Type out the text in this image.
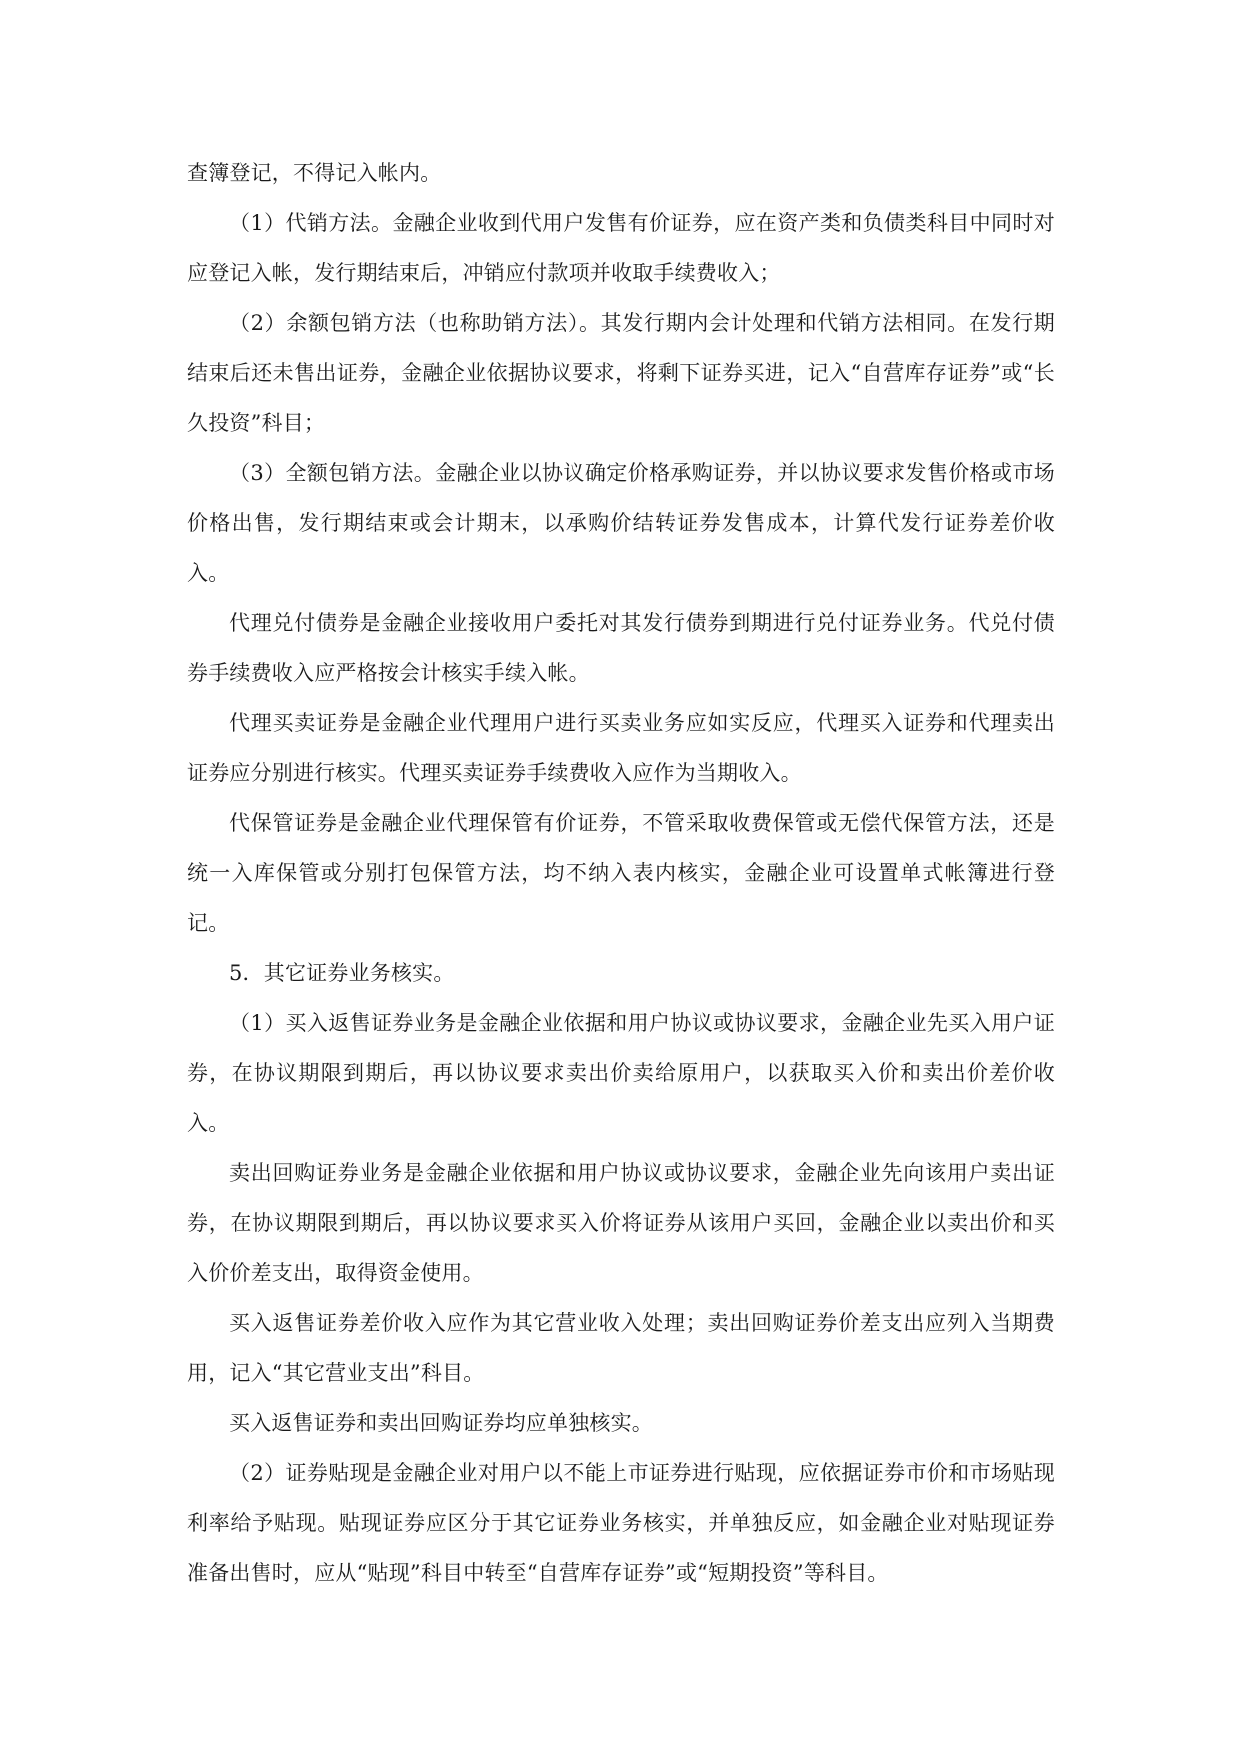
查簿登记，不得记入帐内。

（1）代销方法。金融企业收到代用户发售有价证券，应在资产类和负债类科目中同时对应登记入帐，发行期结束后，冲销应付款项并收取手续费收入；

（2）余额包销方法（也称助销方法）。其发行期内会计处理和代销方法相同。在发行期结束后还未售出证券，金融企业依据协议要求，将剩下证券买进，记入“自营库存证券”或“长久投资”科目；

（3）全额包销方法。金融企业以协议确定价格承购证券，并以协议要求发售价格或市场价格出售，发行期结束或会计期末，以承购价结转证券发售成本，计算代发行证券差价收入。

代理兑付债券是金融企业接收用户委托对其发行债券到期进行兑付证券业务。代兑付债券手续费收入应严格按会计核实手续入帐。

代理买卖证券是金融企业代理用户进行买卖业务应如实反应，代理买入证券和代理卖出证券应分别进行核实。代理买卖证券手续费收入应作为当期收入。

代保管证券是金融企业代理保管有价证券，不管采取收费保管或无偿代保管方法，还是统一入库保管或分别打包保管方法，均不纳入表内核实，金融企业可设置单式帐簿进行登记。

5．其它证券业务核实。

（1）买入返售证券业务是金融企业依据和用户协议或协议要求，金融企业先买入用户证券，在协议期限到期后，再以协议要求卖出价卖给原用户，以获取买入价和卖出价差价收入。

卖出回购证券业务是金融企业依据和用户协议或协议要求，金融企业先向该用户卖出证券，在协议期限到期后，再以协议要求买入价将证券从该用户买回，金融企业以卖出价和买入价价差支出，取得资金使用。

买入返售证券差价收入应作为其它营业收入处理；卖出回购证券价差支出应列入当期费用，记入“其它营业支出”科目。

买入返售证券和卖出回购证券均应单独核实。

（2）证券贴现是金融企业对用户以不能上市证券进行贴现，应依据证券市价和市场贴现利率给予贴现。贴现证券应区分于其它证券业务核实，并单独反应，如金融企业对贴现证券准备出售时，应从“贴现”科目中转至“自营库存证券”或“短期投资”等科目。
